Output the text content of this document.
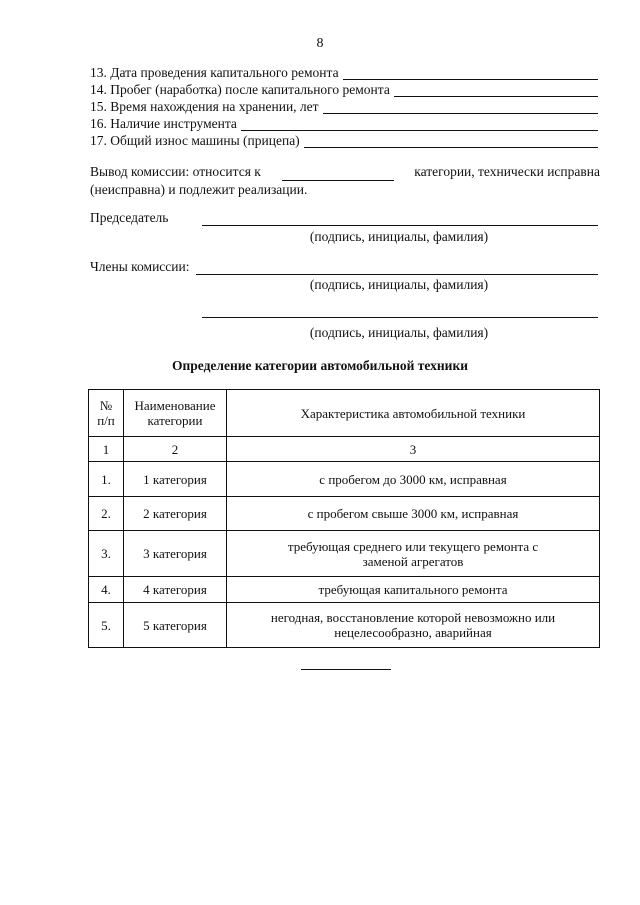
8
13. Дата проведения капитального ремонта
14. Пробег (наработка) после капитального ремонта
15. Время нахождения на хранении, лет
16. Наличие инструмента
17. Общий износ машины (прицепа)
Вывод комиссии: относится к	категории, технически исправна
(неисправна) и подлежит реализации.
Председатель
(подпись, инициалы, фамилия)
Члены комиссии:
(подпись, инициалы, фамилия)
(подпись, инициалы, фамилия)
Определение категории автомобильной техники
№ п/п	Наименование категории	Характеристика автомобильной техники
1	2	3
1.	1 категория	с пробегом до 3000 км, исправная
2.	2 категория	с пробегом свыше 3000 км, исправная
3.	3 категория	требующая среднего или текущего ремонта с заменой агрегатов
4.	4 категория	требующая капитального ремонта
5.	5 категория	негодная, восстановление которой невозможно или нецелесообразно, аварийная
